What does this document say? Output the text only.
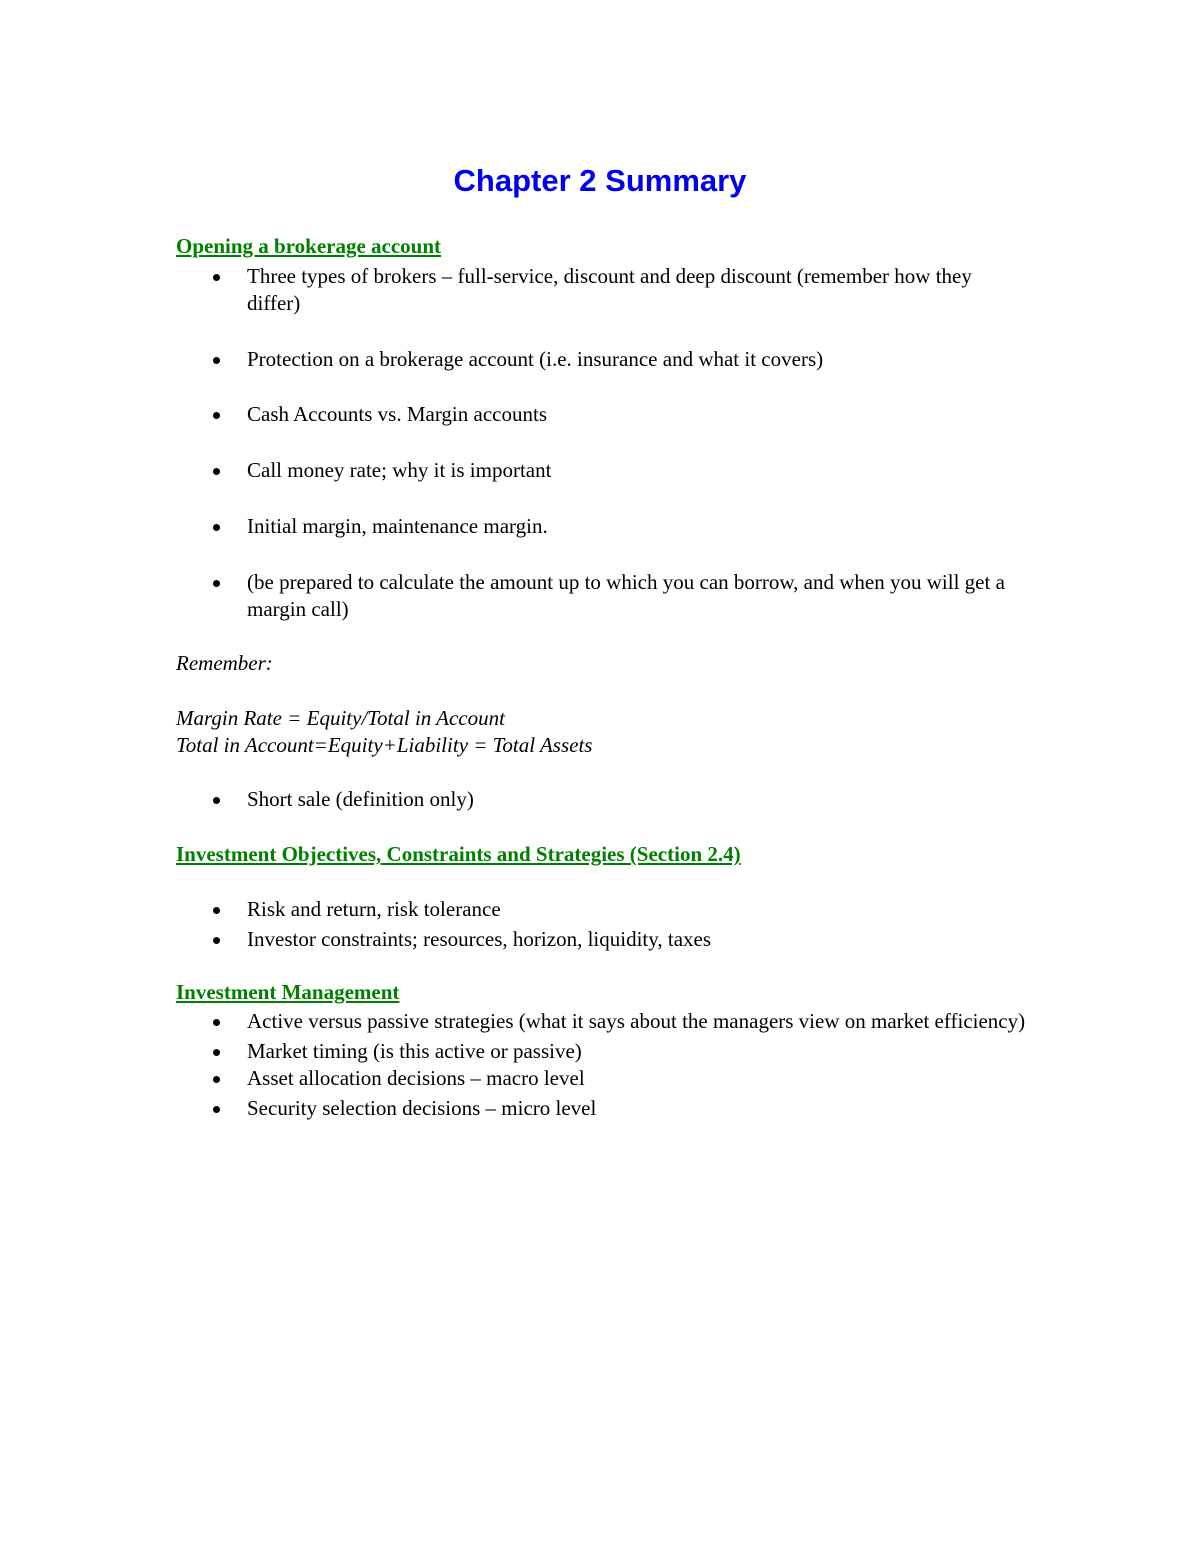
Chapter 2 Summary
Opening a brokerage account
Three types of brokers – full-service, discount and deep discount (remember how they differ)
Protection on a brokerage account (i.e. insurance and what it covers)
Cash Accounts vs. Margin accounts
Call money rate; why it is important
Initial margin, maintenance margin.
(be prepared to calculate the amount up to which you can borrow, and when you will get a margin call)

Remember:

Margin Rate = Equity/Total in Account

Total in Account=Equity+Liability = Total Assets

Short sale (definition only)
Investment Objectives, Constraints and Strategies (Section 2.4)
Risk and return, risk tolerance
Investor constraints; resources, horizon, liquidity, taxes
Investment Management
Active versus passive strategies (what it says about the managers view on market efficiency)
Market timing (is this active or passive)
Asset allocation decisions – macro level
Security selection decisions – micro level
